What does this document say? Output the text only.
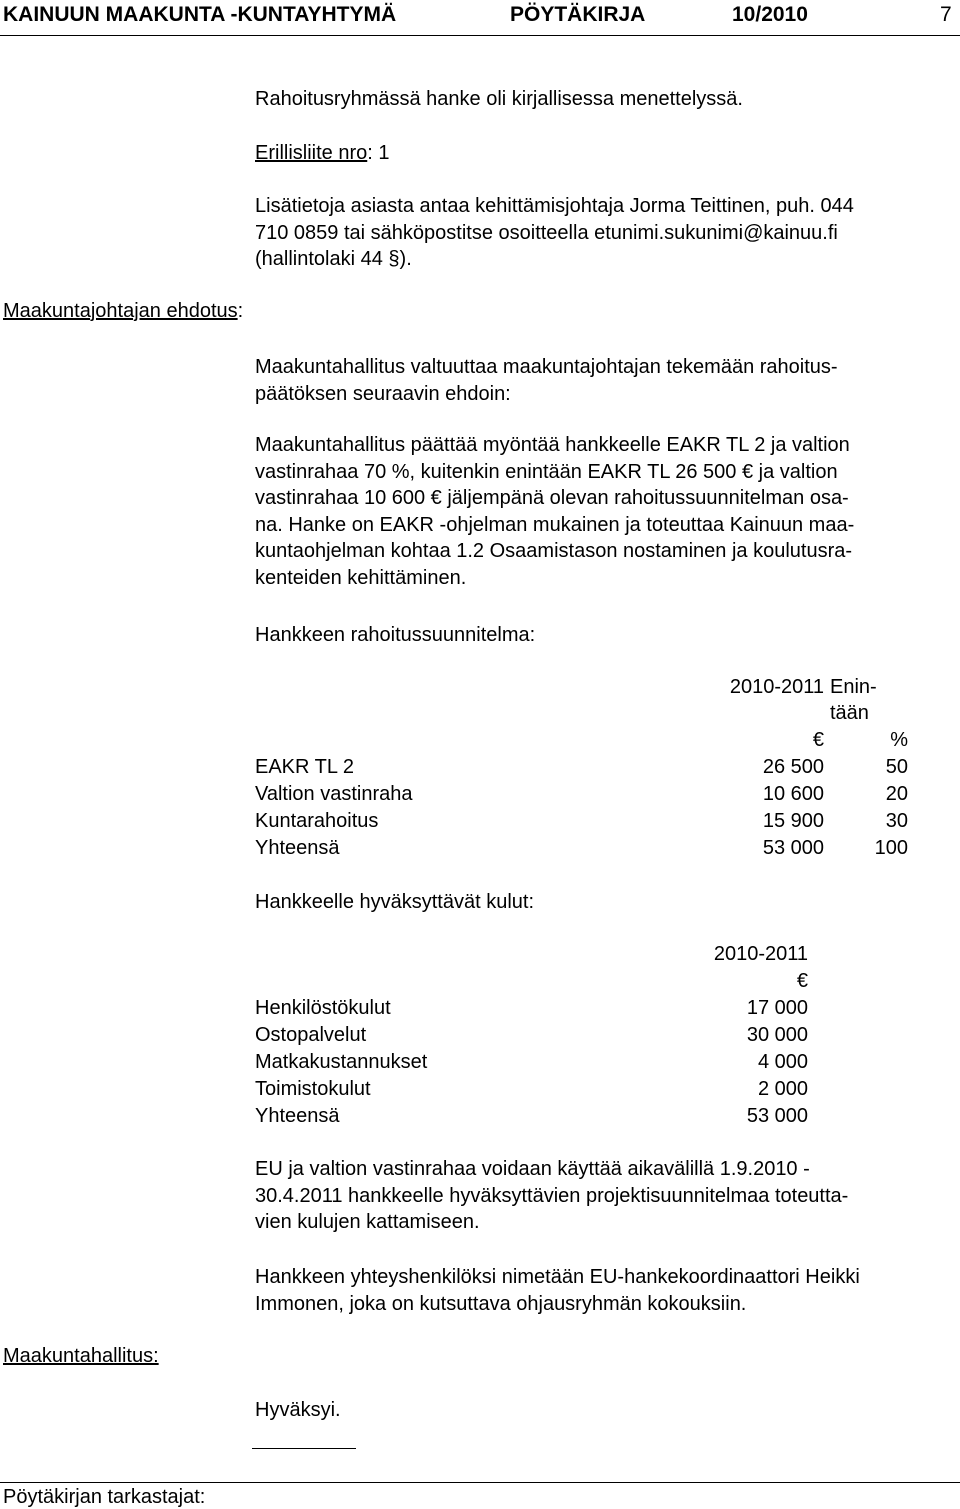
KAINUUN MAAKUNTA -KUNTAYHTYMÄ	PÖYTÄKIRJA	10/2010	7
Rahoitusryhmässä hanke oli kirjallisessa menettelyssä.
Erillisliite nro: 1
Lisätietoja asiasta antaa kehittämisjohtaja Jorma Teittinen, puh. 044
710 0859 tai sähköpostitse osoitteella etunimi.sukunimi@kainuu.fi
(hallintolaki 44 §).
Maakuntajohtajan ehdotus:
Maakuntahallitus valtuuttaa maakuntajohtajan tekemään rahoitus-
päätöksen seuraavin ehdoin:
Maakuntahallitus päättää myöntää hankkeelle EAKR TL 2 ja valtion
vastinrahaa 70 %, kuitenkin enintään EAKR TL 26 500 € ja valtion
vastinrahaa 10 600 € jäljempänä olevan rahoitussuunnitelman osa-
na. Hanke on EAKR -ohjelman mukainen ja toteuttaa Kainuun maa-
kuntaohjelman kohtaa 1.2 Osaamistason nostaminen ja koulutusra-
kenteiden kehittäminen.
Hankkeen rahoitussuunnitelma:
2010-2011 Enin-
tään
€	%
EAKR TL 2	26 500	50
Valtion vastinraha	10 600	20
Kuntarahoitus	15 900	30
Yhteensä	53 000	100
Hankkeelle hyväksyttävät kulut:
2010-2011
€
Henkilöstökulut	17 000
Ostopalvelut	30 000
Matkakustannukset	4 000
Toimistokulut	2 000
Yhteensä	53 000
EU ja valtion vastinrahaa voidaan käyttää aikavälillä 1.9.2010 -
30.4.2011 hankkeelle hyväksyttävien projektisuunnitelmaa toteutta-
vien kulujen kattamiseen.
Hankkeen yhteyshenkilöksi nimetään EU-hankekoordinaattori Heikki
Immonen, joka on kutsuttava ohjausryhmän kokouksiin.
Maakuntahallitus:
Hyväksyi.
Pöytäkirjan tarkastajat:
